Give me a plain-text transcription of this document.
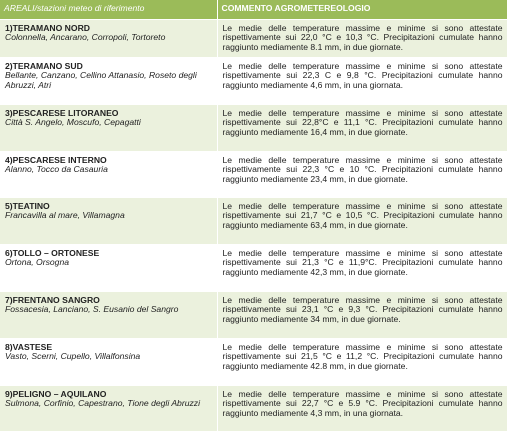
AREALI/stazioni meteo di riferimento	COMMENTO AGROMETEREOLOGIO

1)TERAMANO NORD
Colonnella, Ancarano, Corropoli, Tortoreto	Le medie delle temperature massime e minime si sono attestate rispettivamente sui 22,0 °C e 10,3 °C. Precipitazioni cumulate hanno raggiunto mediamente 8.1 mm, in due giornate.

2)TERAMANO SUD
Bellante, Canzano, Cellino Attanasio, Roseto degli Abruzzi, Atri	Le medie delle temperature massime e minime si sono attestate rispettivamente sui 22,3 C e 9,8 °C. Precipitazioni cumulate hanno raggiunto mediamente 4,6 mm, in una giornata.

3)PESCARESE LITORANEO
Città S. Angelo, Moscufo, Cepagatti	Le medie delle temperature massime e minime si sono attestate rispettivamente sui 22,8°C e 11,1 °C. Precipitazioni cumulate hanno raggiunto mediamente 16,4 mm, in due giornate.

4)PESCARESE INTERNO
Alanno, Tocco da Casauria	Le medie delle temperature massime e minime si sono attestate rispettivamente sui 22,3 °C e 10 °C. Precipitazioni cumulate hanno raggiunto mediamente 23,4 mm, in due giornate.

5)TEATINO
Francavilla al mare, Villamagna	Le medie delle temperature massime e minime si sono attestate rispettivamente sui 21,7 °C e 10,5 °C. Precipitazioni cumulate hanno raggiunto mediamente 63,4 mm, in due giornate.

6)TOLLO – ORTONESE
Ortona, Orsogna	Le medie delle temperature massime e minime si sono attestate rispettivamente sui 21,3 °C e 11,9°C. Precipitazioni cumulate hanno raggiunto mediamente 42,3 mm, in due giornate.

7)FRENTANO SANGRO
Fossacesia, Lanciano, S. Eusanio del Sangro	Le medie delle temperature massime e minime si sono attestate rispettivamente sui 23,1 °C e 9,3 °C. Precipitazioni cumulate hanno raggiunto mediamente 34 mm, in due giornate.

8)VASTESE
Vasto, Scerni, Cupello, Villalfonsina	Le medie delle temperature massime e minime si sono attestate rispettivamente sui 21,5 °C e 11,2 °C. Precipitazioni cumulate hanno raggiunto mediamente 42.8 mm, in due giornate.

9)PELIGNO – AQUILANO
Sulmona, Corfinio, Capestrano, Tione degli Abruzzi	Le medie delle temperature massime e minime si sono attestate rispettivamente sui 22,7 °C e 5.9 °C. Precipitazioni cumulate hanno raggiunto mediamente 4,3 mm, in una giornata.
